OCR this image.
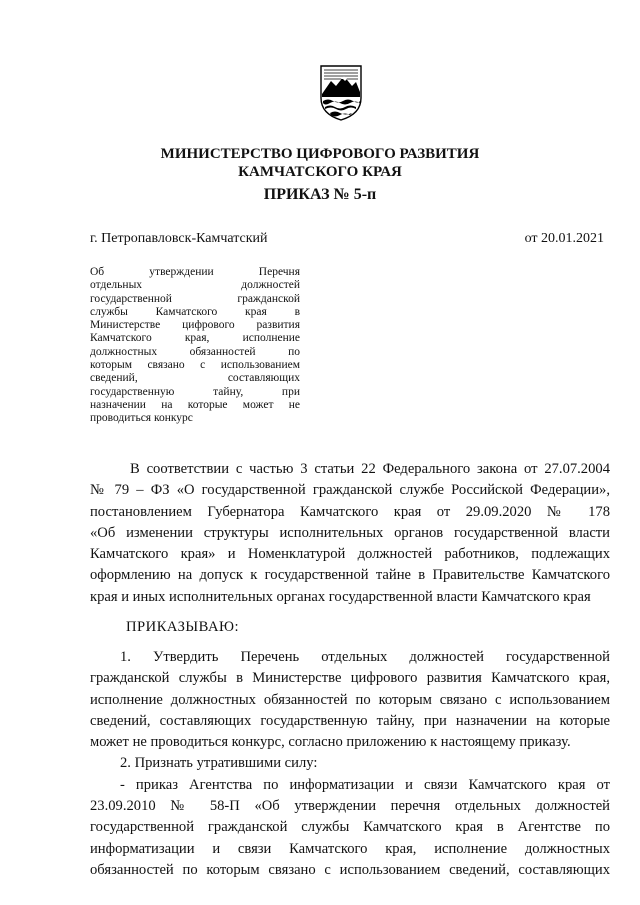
МИНИСТЕРСТВО ЦИФРОВОГО РАЗВИТИЯ
КАМЧАТСКОГО КРАЯ
ПРИКАЗ № 5-п
г. Петропавловск-Камчатский	от 20.01.2021
Об утверждении Перечня
отдельных должностей
государственной гражданской
службы Камчатского края в
Министерстве цифрового развития
Камчатского края, исполнение
должностных обязанностей по
которым связано с использованием
сведений, составляющих
государственную тайну, при
назначении на которые может не
проводиться конкурс
В соответствии с частью 3 статьи 22 Федерального закона от 27.07.2004
№ 79 – ФЗ «О государственной гражданской службе Российской Федерации»,
постановлением Губернатора Камчатского края от 29.09.2020 № 178
«Об изменении структуры исполнительных органов государственной власти
Камчатского края» и Номенклатурой должностей работников, подлежащих
оформлению на допуск к государственной тайне в Правительстве Камчатского
края и иных исполнительных органах государственной власти Камчатского края
ПРИКАЗЫВАЮ:
1. Утвердить Перечень отдельных должностей государственной
гражданской службы в Министерстве цифрового развития Камчатского края,
исполнение должностных обязанностей по которым связано с использованием
сведений, составляющих государственную тайну, при назначении на которые
может не проводиться конкурс, согласно приложению к настоящему приказу.
2. Признать утратившими силу:
- приказ Агентства по информатизации и связи Камчатского края от
23.09.2010 № 58-П «Об утверждении перечня отдельных должностей
государственной гражданской службы Камчатского края в Агентстве по
информатизации и связи Камчатского края, исполнение должностных
обязанностей по которым связано с использованием сведений, составляющих
